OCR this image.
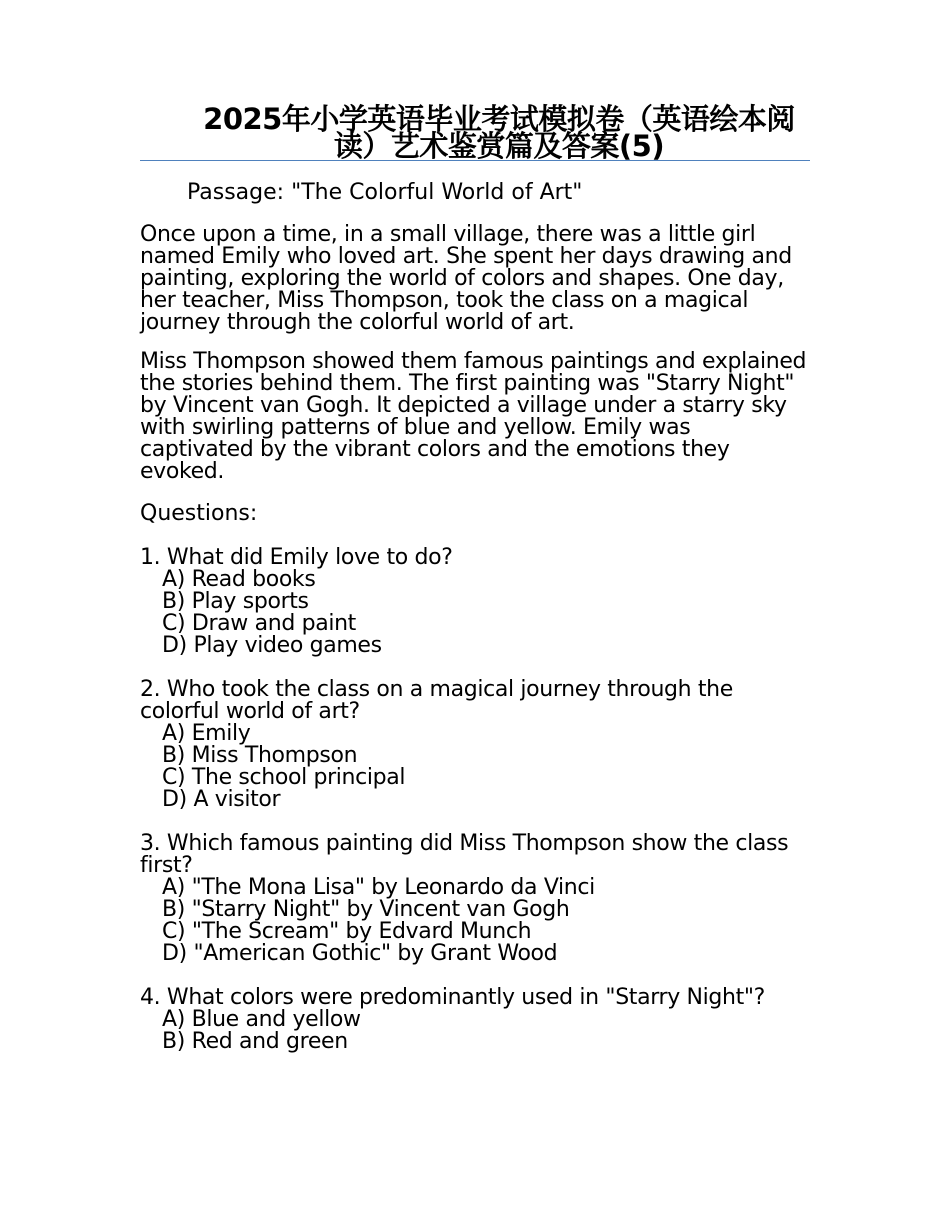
2025年小学英语毕业考试模拟卷（英语绘本阅读）艺术鉴赏篇及答案(5)
Passage: "The Colorful World of Art"

Once upon a time, in a small village, there was a little girl named Emily who loved art. She spent her days drawing and painting, exploring the world of colors and shapes. One day, her teacher, Miss Thompson, took the class on a magical journey through the colorful world of art.

Miss Thompson showed them famous paintings and explained the stories behind them. The first painting was "Starry Night" by Vincent van Gogh. It depicted a village under a starry sky with swirling patterns of blue and yellow. Emily was captivated by the vibrant colors and the emotions they evoked.

Questions:
1. What did Emily love to do?
A) Read books
B) Play sports
C) Draw and paint
D) Play video games
2. Who took the class on a magical journey through the colorful world of art?
A) Emily
B) Miss Thompson
C) The school principal
D) A visitor
3. Which famous painting did Miss Thompson show the class first?
A) "The Mona Lisa" by Leonardo da Vinci
B) "Starry Night" by Vincent van Gogh
C) "The Scream" by Edvard Munch
D) "American Gothic" by Grant Wood
4. What colors were predominantly used in "Starry Night"?
A) Blue and yellow
B) Red and green
